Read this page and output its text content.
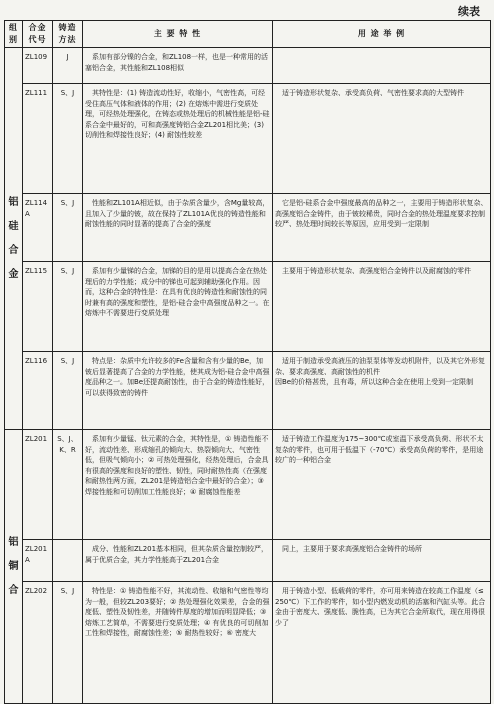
续表
组别	合金代号	铸造方法	主 要 特 性	用 途 举 例

铝
硅
合
金	ZL109	J	系加有部分镍的合金，和ZL108一样，也是一种常用的活塞铝合金，其性能和ZL108相似	
	ZL111	S、J	其特性是：(1) 铸造流动性好，收缩小，气密性高，可经受住高压气体和液体的作用；(2) 在熔炼中需进行变质处理，可经热处理强化，在铸态或热处理后的机械性能是铝-硅系合金中最好的，可和高强度铸铝合金ZL201相比美；(3) 切削性和焊接性良好；(4) 耐蚀性较差	适于铸造形状复杂、承受高负荷、气密性要求高的大型铸件
	ZL114A	S、J	性能和ZL101A相近似，由于杂质含量少，含Mg量较高，且加入了少量的铍，故在保持了ZL101A优良的铸造性能和耐蚀性能的同时显著的提高了合金的强度	它是铝-硅系合金中强度最高的品种之一，主要用于铸造形状复杂、高强度铝合金铸件，由于铍较稀贵，同时合金的热处理温度要求控制较严、热处理时间较长等原因，应用受到一定限制
	ZL115	S、J	系加有少量锑的合金，加锑的目的是用以提高合金在热处理后的力学性能；成分中的锑也可起到辅助强化作用。因而，这种合金的特性是：在具有优良的铸造性和耐蚀性的同时兼有高的强度和塑性，是铝-硅合金中高强度品种之一。在熔炼中不需要进行变质处理	主要用于铸造形状复杂、高强度铝合金铸件以及耐腐蚀的零件
	ZL116	S、J	特点是：杂质中允许较多的Fe含量和含有少量的Be，加铍后显著提高了合金的力学性能，使其成为铝-硅合金中高强度品种之一。加Be还提高耐蚀性，由于合金的铸造性能好，可以获得致密的铸件	适用于制造承受高液压的油泵泵体等发动机附件，以及其它外形复杂、要求高强度、高耐蚀性的机件
因Be的价格甚贵，且有毒，所以这种合金在使用上受到一定限制

铝
铜
合	ZL201	S、J、K、R	系加有少量锰、钛元素的合金，其特性是，① 铸造性能不好，流动性差、形成缩孔的倾向大、热裂倾向大、气密性低，但吸气倾向小；② 可热处理强化，经热处理后，合金具有很高的强度和良好的塑性、韧性，同时耐热性高（在强度和耐热性两方面，ZL201是铸造铝合金中最好的合金）；③ 焊接性能和可切削加工性能良好；④ 耐腐蚀性能差	适于铸造工作温度为175~300℃或室温下承受高负荷、形状不太复杂的零件，也可用于低温下（-70℃）承受高负荷的零件，是用途较广的一种铝合金
	ZL201A		成分、性能和ZL201基本相同，但其杂质含量控制较严，属于优质合金，其力学性能高于ZL201合金	同上，主要用于要求高强度铝合金铸件的场所
	ZL202	S、J	特性是：① 铸造性能不好，其流动性、收缩和气密性等均为一般，但较ZL203要好；② 热处理强化效果差，合金的强度低、塑性及韧性差，并随铸件厚度的增加而明显降低；③ 熔炼工艺简单，不需要进行变质处理；④ 有优良的可切削加工性和焊接性，耐腐蚀性差；⑤ 耐热性较好；⑥ 密度大	用于铸造小型、低载荷的零件，亦可用来铸造在较高工作温度（≤250℃）下工作的零件，如小型内燃发动机的活塞和汽缸头等。此合金由于密度大、强度低、脆性高，已为其它合金所取代，现在用得很少了
